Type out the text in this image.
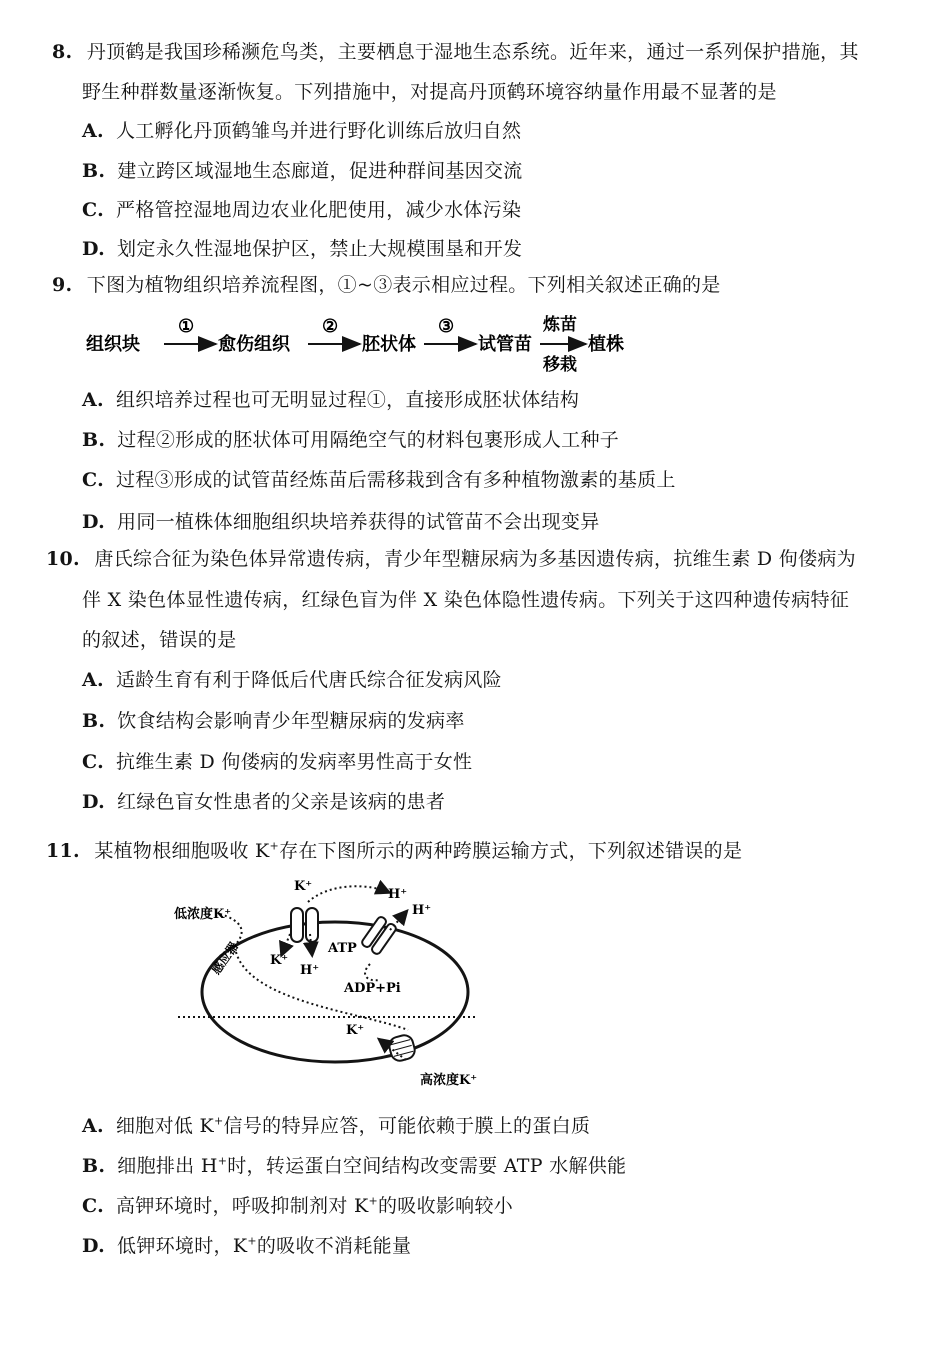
8. 丹顶鹤是我国珍稀濒危鸟类，主要栖息于湿地生态系统。近年来，通过一系列保护措施，其
野生种群数量逐渐恢复。下列措施中，对提高丹顶鹤环境容纳量作用最不显著的是
A. 人工孵化丹顶鹤雏鸟并进行野化训练后放归自然
B. 建立跨区域湿地生态廊道，促进种群间基因交流
C. 严格管控湿地周边农业化肥使用，减少水体污染
D. 划定永久性湿地保护区，禁止大规模围垦和开发
9. 下图为植物组织培养流程图，①~③表示相应过程。下列相关叙述正确的是
组织块
①
愈伤组织
②
胚状体
③
试管苗
炼苗
移栽
植株
A. 组织培养过程也可无明显过程①，直接形成胚状体结构
B. 过程②形成的胚状体可用隔绝空气的材料包裹形成人工种子
C. 过程③形成的试管苗经炼苗后需移栽到含有多种植物激素的基质上
D. 用同一植株体细胞组织块培养获得的试管苗不会出现变异
10. 唐氏综合征为染色体异常遗传病，青少年型糖尿病为多基因遗传病，抗维生素 D 佝偻病为
伴 X 染色体显性遗传病，红绿色盲为伴 X 染色体隐性遗传病。下列关于这四种遗传病特征
的叙述，错误的是
A. 适龄生育有利于降低后代唐氏综合征发病风险
B. 饮食结构会影响青少年型糖尿病的发病率
C. 抗维生素 D 佝偻病的发病率男性高于女性
D. 红绿色盲女性患者的父亲是该病的患者
11. 某植物根细胞吸收 K+存在下图所示的两种跨膜运输方式，下列叙述错误的是
低浓度K⁺
感应器
K⁺
H⁺
H⁺
ATP
K⁺
H⁺
ADP+Pi
K⁺
高浓度K⁺
A. 细胞对低 K+信号的特异应答，可能依赖于膜上的蛋白质
B. 细胞排出 H+时，转运蛋白空间结构改变需要 ATP 水解供能
C. 高钾环境时，呼吸抑制剂对 K+的吸收影响较小
D. 低钾环境时，K+的吸收不消耗能量
